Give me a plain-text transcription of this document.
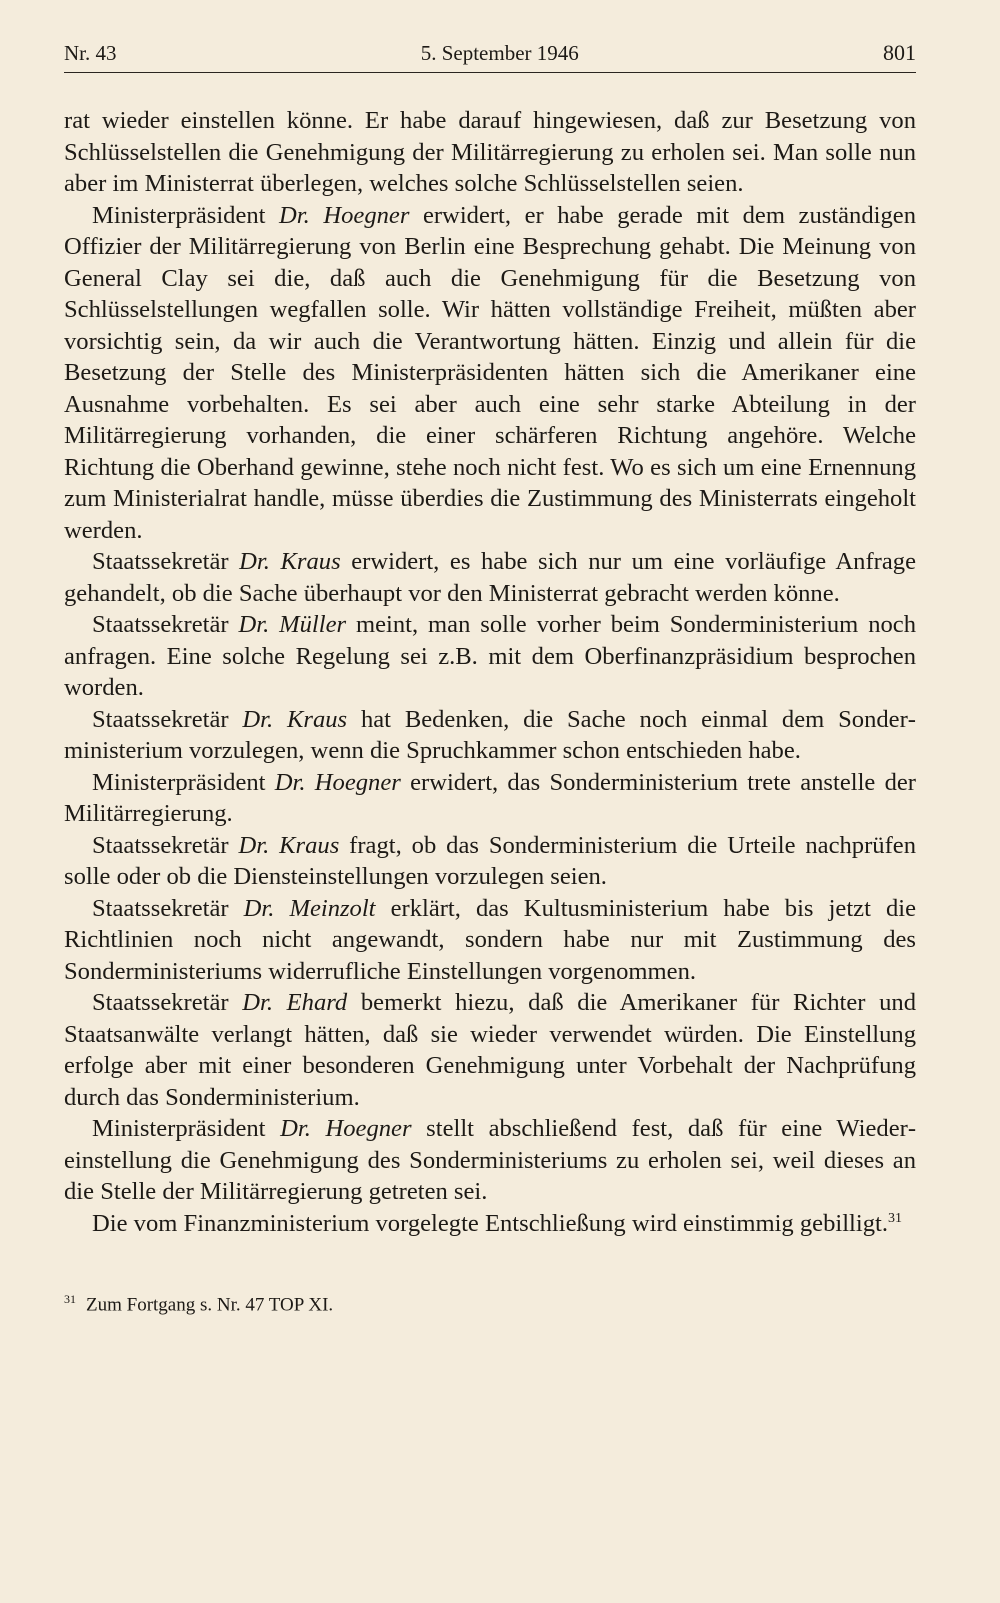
Nr. 43	5. September 1946	801

rat wieder einstellen könne. Er habe darauf hingewiesen, daß zur Besetzung von Schlüsselstellen die Genehmigung der Militärregierung zu erholen sei. Man solle nun aber im Ministerrat überlegen, welches solche Schlüsselstellen seien.

Ministerpräsident Dr. Hoegner erwidert, er habe gerade mit dem zuständigen Offizier der Militärregierung von Berlin eine Besprechung gehabt. Die Meinung von General Clay sei die, daß auch die Genehmigung für die Besetzung von Schlüsselstellungen wegfallen solle. Wir hätten vollständige Freiheit, müßten aber vorsichtig sein, da wir auch die Verantwortung hätten. Einzig und allein für die Besetzung der Stelle des Ministerpräsidenten hätten sich die Amerikaner eine Ausnahme vorbehalten. Es sei aber auch eine sehr starke Abteilung in der Militärregierung vorhanden, die einer schärferen Richtung angehöre. Welche Richtung die Oberhand gewinne, stehe noch nicht fest. Wo es sich um eine Ernennung zum Ministerialrat handle, müsse überdies die Zustimmung des Ministerrats eingeholt werden.

Staatssekretär Dr. Kraus erwidert, es habe sich nur um eine vorläufige Anfrage gehandelt, ob die Sache überhaupt vor den Ministerrat gebracht werden könne.

Staatssekretär Dr. Müller meint, man solle vorher beim Sonderministerium noch anfragen. Eine solche Regelung sei z.B. mit dem Oberfinanzpräsidium besprochen worden.

Staatssekretär Dr. Kraus hat Bedenken, die Sache noch einmal dem Sonderministerium vorzulegen, wenn die Spruchkammer schon entschieden habe.

Ministerpräsident Dr. Hoegner erwidert, das Sonderministerium trete anstelle der Militärregierung.

Staatssekretär Dr. Kraus fragt, ob das Sonderministerium die Urteile nachprüfen solle oder ob die Diensteinstellungen vorzulegen seien.

Staatssekretär Dr. Meinzolt erklärt, das Kultusministerium habe bis jetzt die Richtlinien noch nicht angewandt, sondern habe nur mit Zustimmung des Sonderministeriums widerrufliche Einstellungen vorgenommen.

Staatssekretär Dr. Ehard bemerkt hiezu, daß die Amerikaner für Richter und Staatsanwälte verlangt hätten, daß sie wieder verwendet würden. Die Einstellung erfolge aber mit einer besonderen Genehmigung unter Vorbehalt der Nachprüfung durch das Sonderministerium.

Ministerpräsident Dr. Hoegner stellt abschließend fest, daß für eine Wiedereinstellung die Genehmigung des Sonderministeriums zu erholen sei, weil dieses an die Stelle der Militärregierung getreten sei.

Die vom Finanzministerium vorgelegte Entschließung wird einstimmig gebilligt.$^{31}$

$^{31}$ Zum Fortgang s. Nr. 47 TOP XI.
